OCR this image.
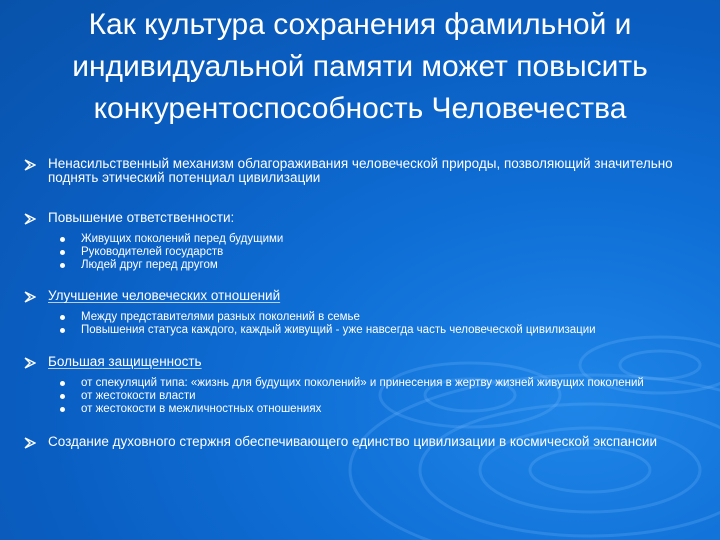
Как культура сохранения фамильной и
индивидуальной памяти может повысить
конкурентоспособность Человечества
Ненасильственный механизм облагораживания человеческой природы, позволяющий значительно поднять этический потенциал цивилизации
Повышение ответственности:
Живущих поколений перед будущими
Руководителей государств
Людей друг перед другом
Улучшение человеческих отношений
Между представителями разных поколений в семье
Повышения статуса каждого, каждый живущий - уже навсегда часть человеческой цивилизации
Большая защищенность
от спекуляций типа: «жизнь для будущих поколений» и принесения в жертву жизней живущих поколений
от жестокости власти
от жестокости в межличностных отношениях
Создание духовного стержня обеспечивающего единство цивилизации в космической экспансии
